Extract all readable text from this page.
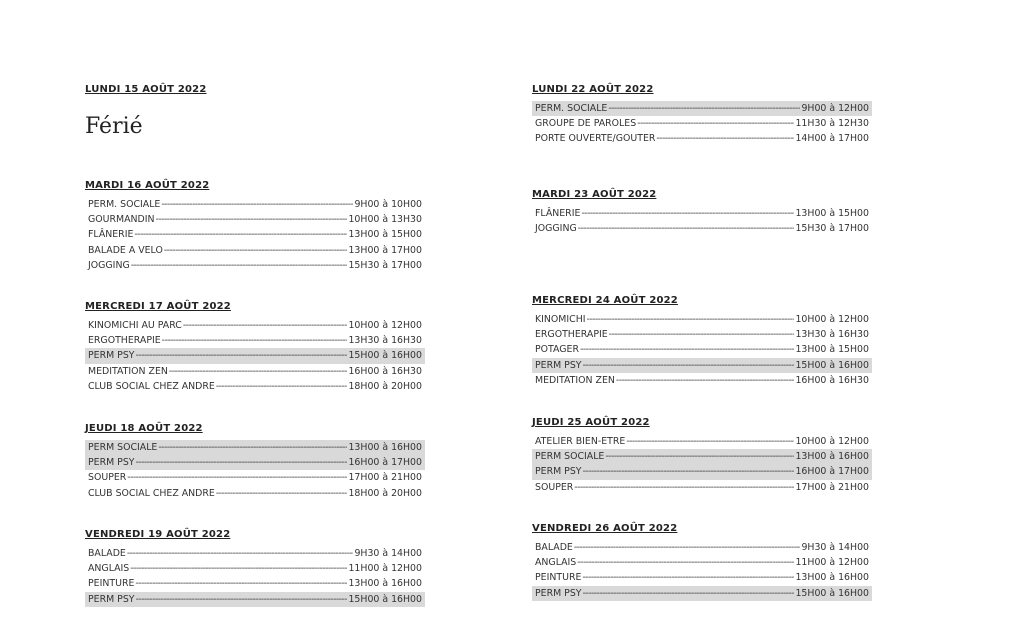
LUNDI 15 AOÛT 2022
Férié
MARDI 16 AOÛT 2022
PERM. SOCIALE -----	9H00 à 10H00
GOURMANDIN -----	10H00 à 13H30
FLÂNERIE -----	13H00 à 15H00
BALADE A VELO -----	13H00 à 17H00
JOGGING -----	15H30 à 17H00
MERCREDI 17 AOÛT 2022
KINOMICHI AU PARC -----	10H00 à 12H00
ERGOTHERAPIE -----	13H30 à 16H30
PERM PSY -----	15H00 à 16H00
MEDITATION ZEN -----	16H00 à 16H30
CLUB SOCIAL CHEZ ANDRE -----	18H00 à 20H00
JEUDI 18 AOÛT 2022
PERM SOCIALE -----	13H00 à 16H00
PERM PSY -----	16H00 à 17H00
SOUPER -----	17H00 à 21H00
CLUB SOCIAL CHEZ ANDRE -----	18H00 à 20H00
VENDREDI 19 AOÛT 2022
BALADE -----	9H30 à 14H00
ANGLAIS -----	11H00 à 12H00
PEINTURE -----	13H00 à 16H00
PERM PSY -----	15H00 à 16H00
LUNDI 22 AOÛT 2022
PERM. SOCIALE -----	9H00 à 12H00
GROUPE DE PAROLES -----	11H30 à 12H30
PORTE OUVERTE/GOUTER -----	14H00 à 17H00
MARDI 23 AOÛT 2022
FLÂNERIE -----	13H00 à 15H00
JOGGING -----	15H30 à 17H00
MERCREDI 24 AOÛT 2022
KINOMICHI -----	10H00 à 12H00
ERGOTHERAPIE -----	13H30 à 16H30
POTAGER -----	13H00 à 15H00
PERM PSY -----	15H00 à 16H00
MEDITATION ZEN -----	16H00 à 16H30
JEUDI 25 AOÛT 2022
ATELIER BIEN-ETRE -----	10H00 à 12H00
PERM SOCIALE -----	13H00 à 16H00
PERM PSY -----	16H00 à 17H00
SOUPER -----	17H00 à 21H00
VENDREDI 26 AOÛT 2022
BALADE -----	9H30 à 14H00
ANGLAIS -----	11H00 à 12H00
PEINTURE -----	13H00 à 16H00
PERM PSY -----	15H00 à 16H00
